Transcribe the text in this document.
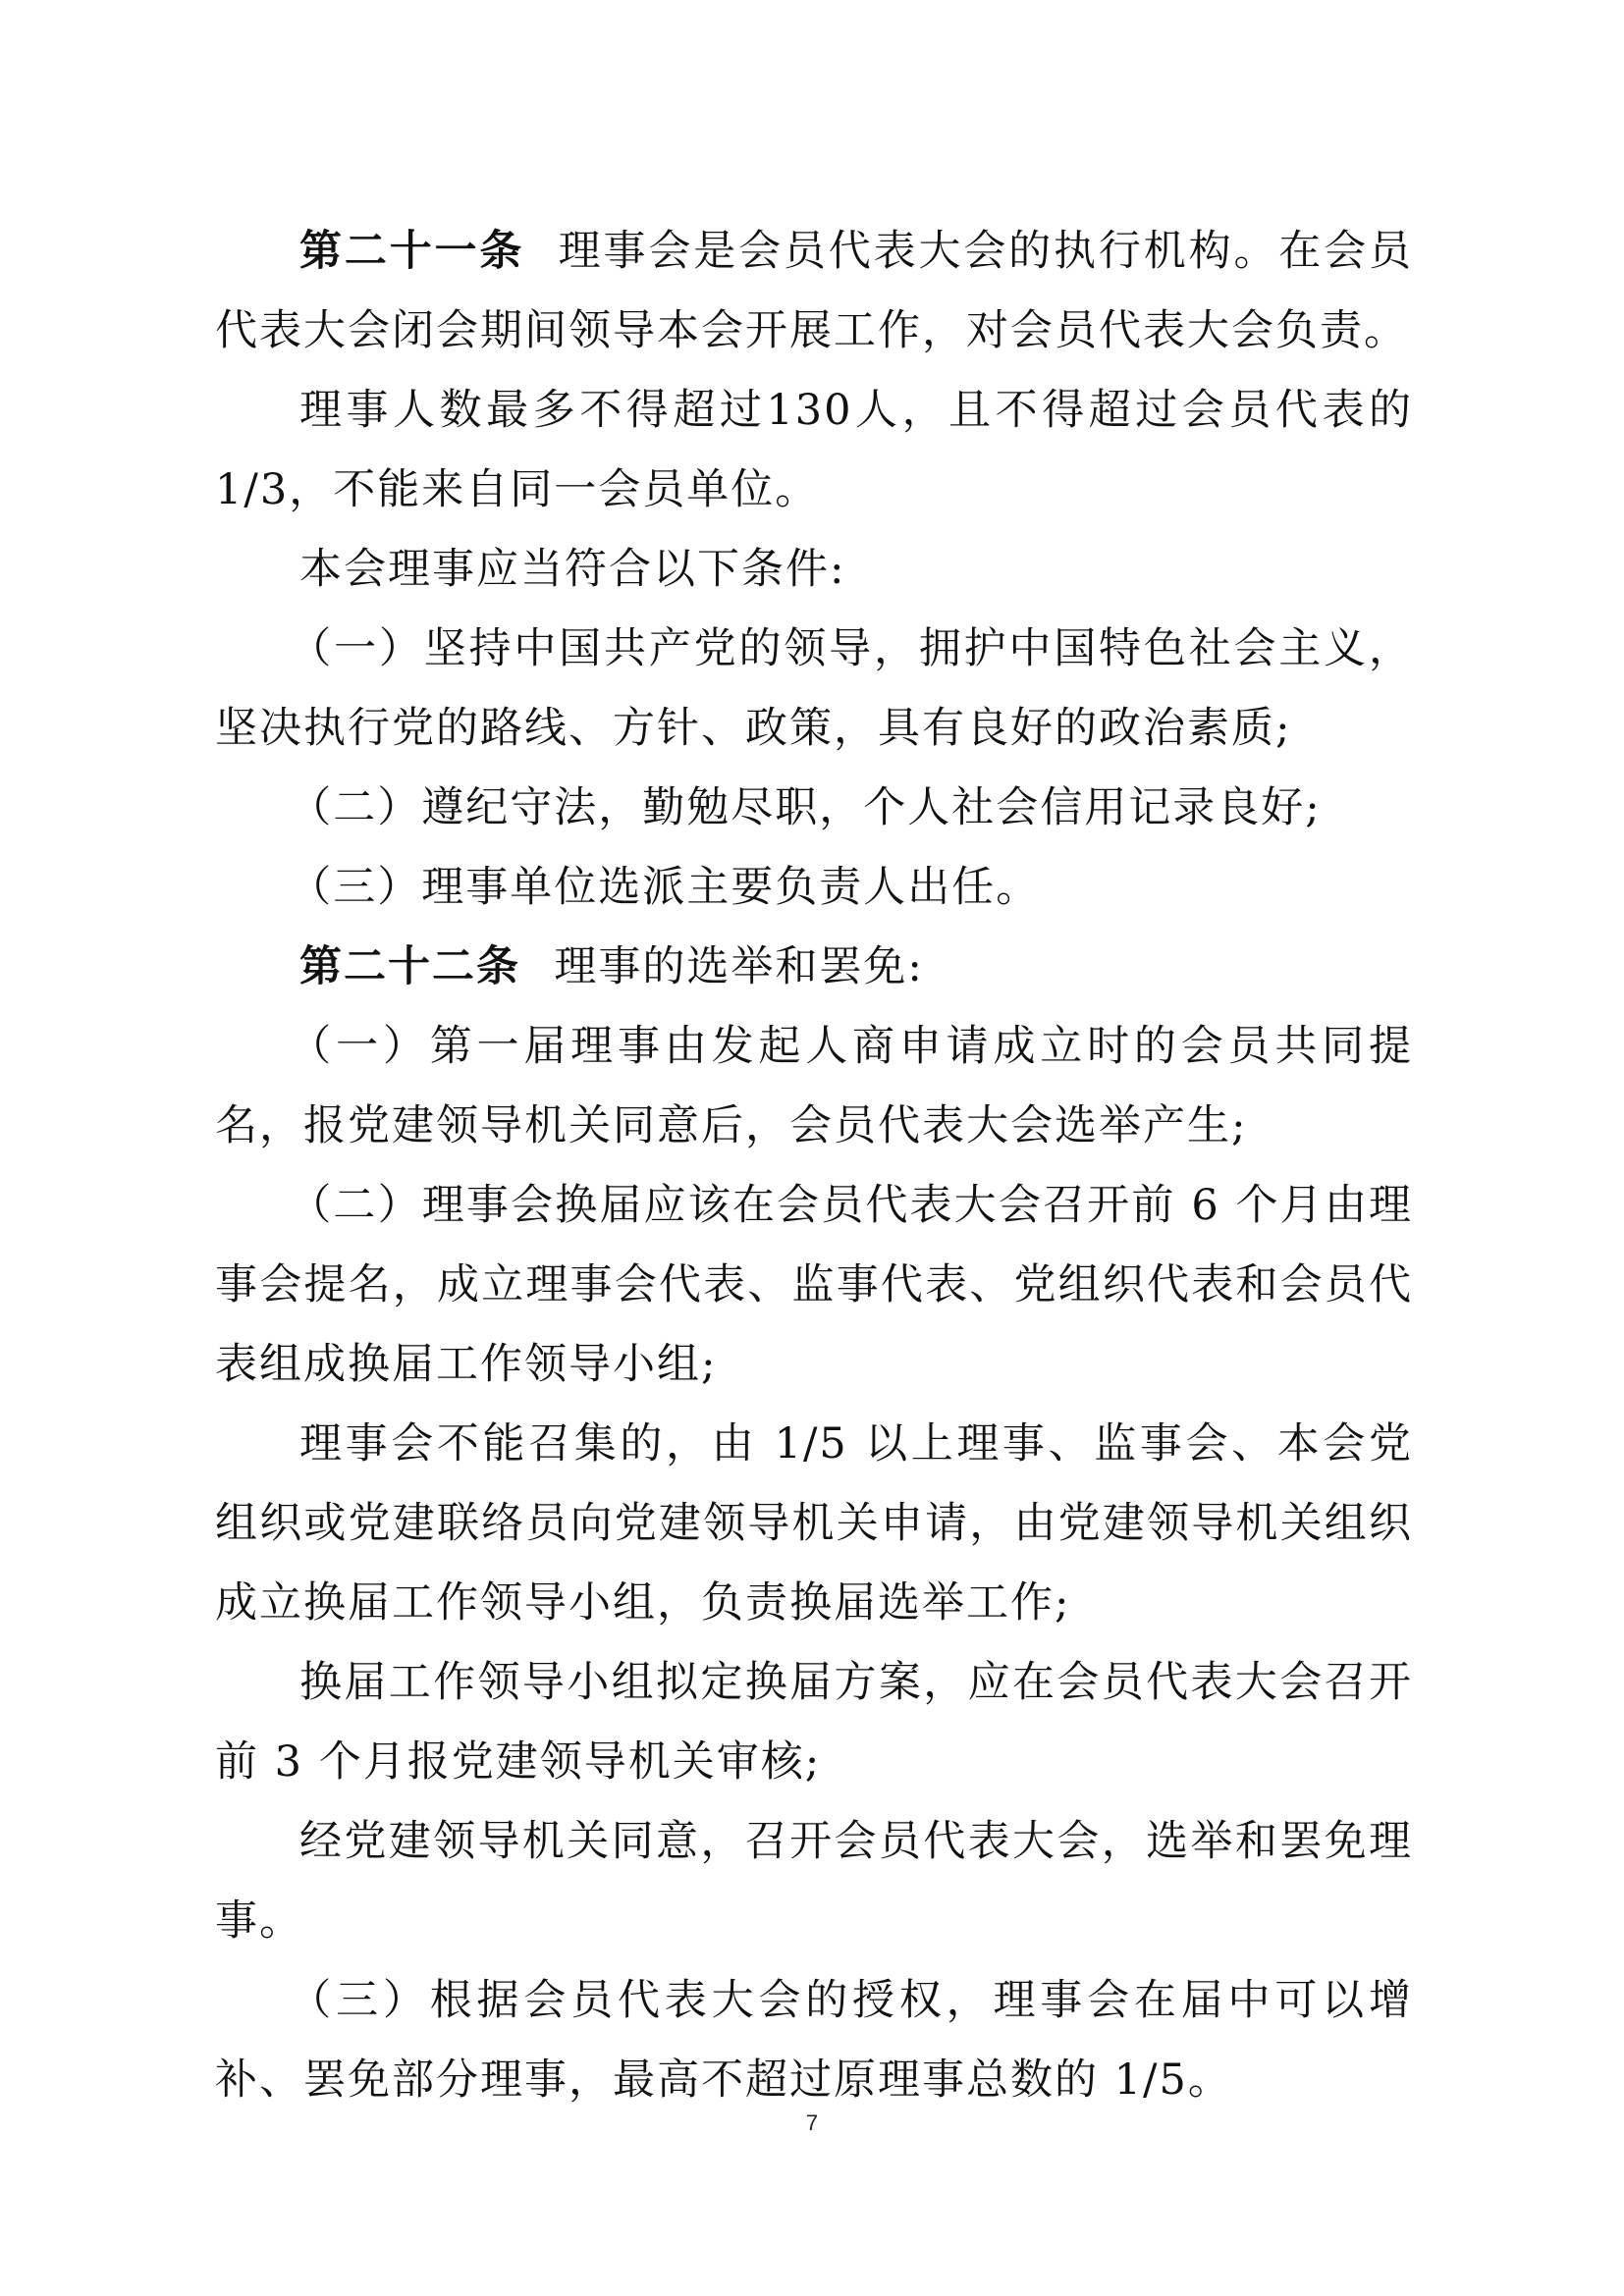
第二十一条 理事会是会员代表大会的执行机构。在会员代表大会闭会期间领导本会开展工作，对会员代表大会负责。

理事人数最多不得超过130人，且不得超过会员代表的1/3，不能来自同一会员单位。

本会理事应当符合以下条件:

（一）坚持中国共产党的领导，拥护中国特色社会主义，坚决执行党的路线、方针、政策，具有良好的政治素质;

（二）遵纪守法，勤勉尽职，个人社会信用记录良好;

（三）理事单位选派主要负责人出任。

第二十二条 理事的选举和罢免:

（一）第一届理事由发起人商申请成立时的会员共同提名，报党建领导机关同意后，会员代表大会选举产生;

（二）理事会换届应该在会员代表大会召开前 6 个月由理事会提名，成立理事会代表、监事代表、党组织代表和会员代表组成换届工作领导小组;

理事会不能召集的，由 1/5 以上理事、监事会、本会党组织或党建联络员向党建领导机关申请，由党建领导机关组织成立换届工作领导小组，负责换届选举工作;

换届工作领导小组拟定换届方案，应在会员代表大会召开前 3 个月报党建领导机关审核;

经党建领导机关同意，召开会员代表大会，选举和罢免理事。

（三）根据会员代表大会的授权，理事会在届中可以增补、罢免部分理事，最高不超过原理事总数的 1/5。

7
